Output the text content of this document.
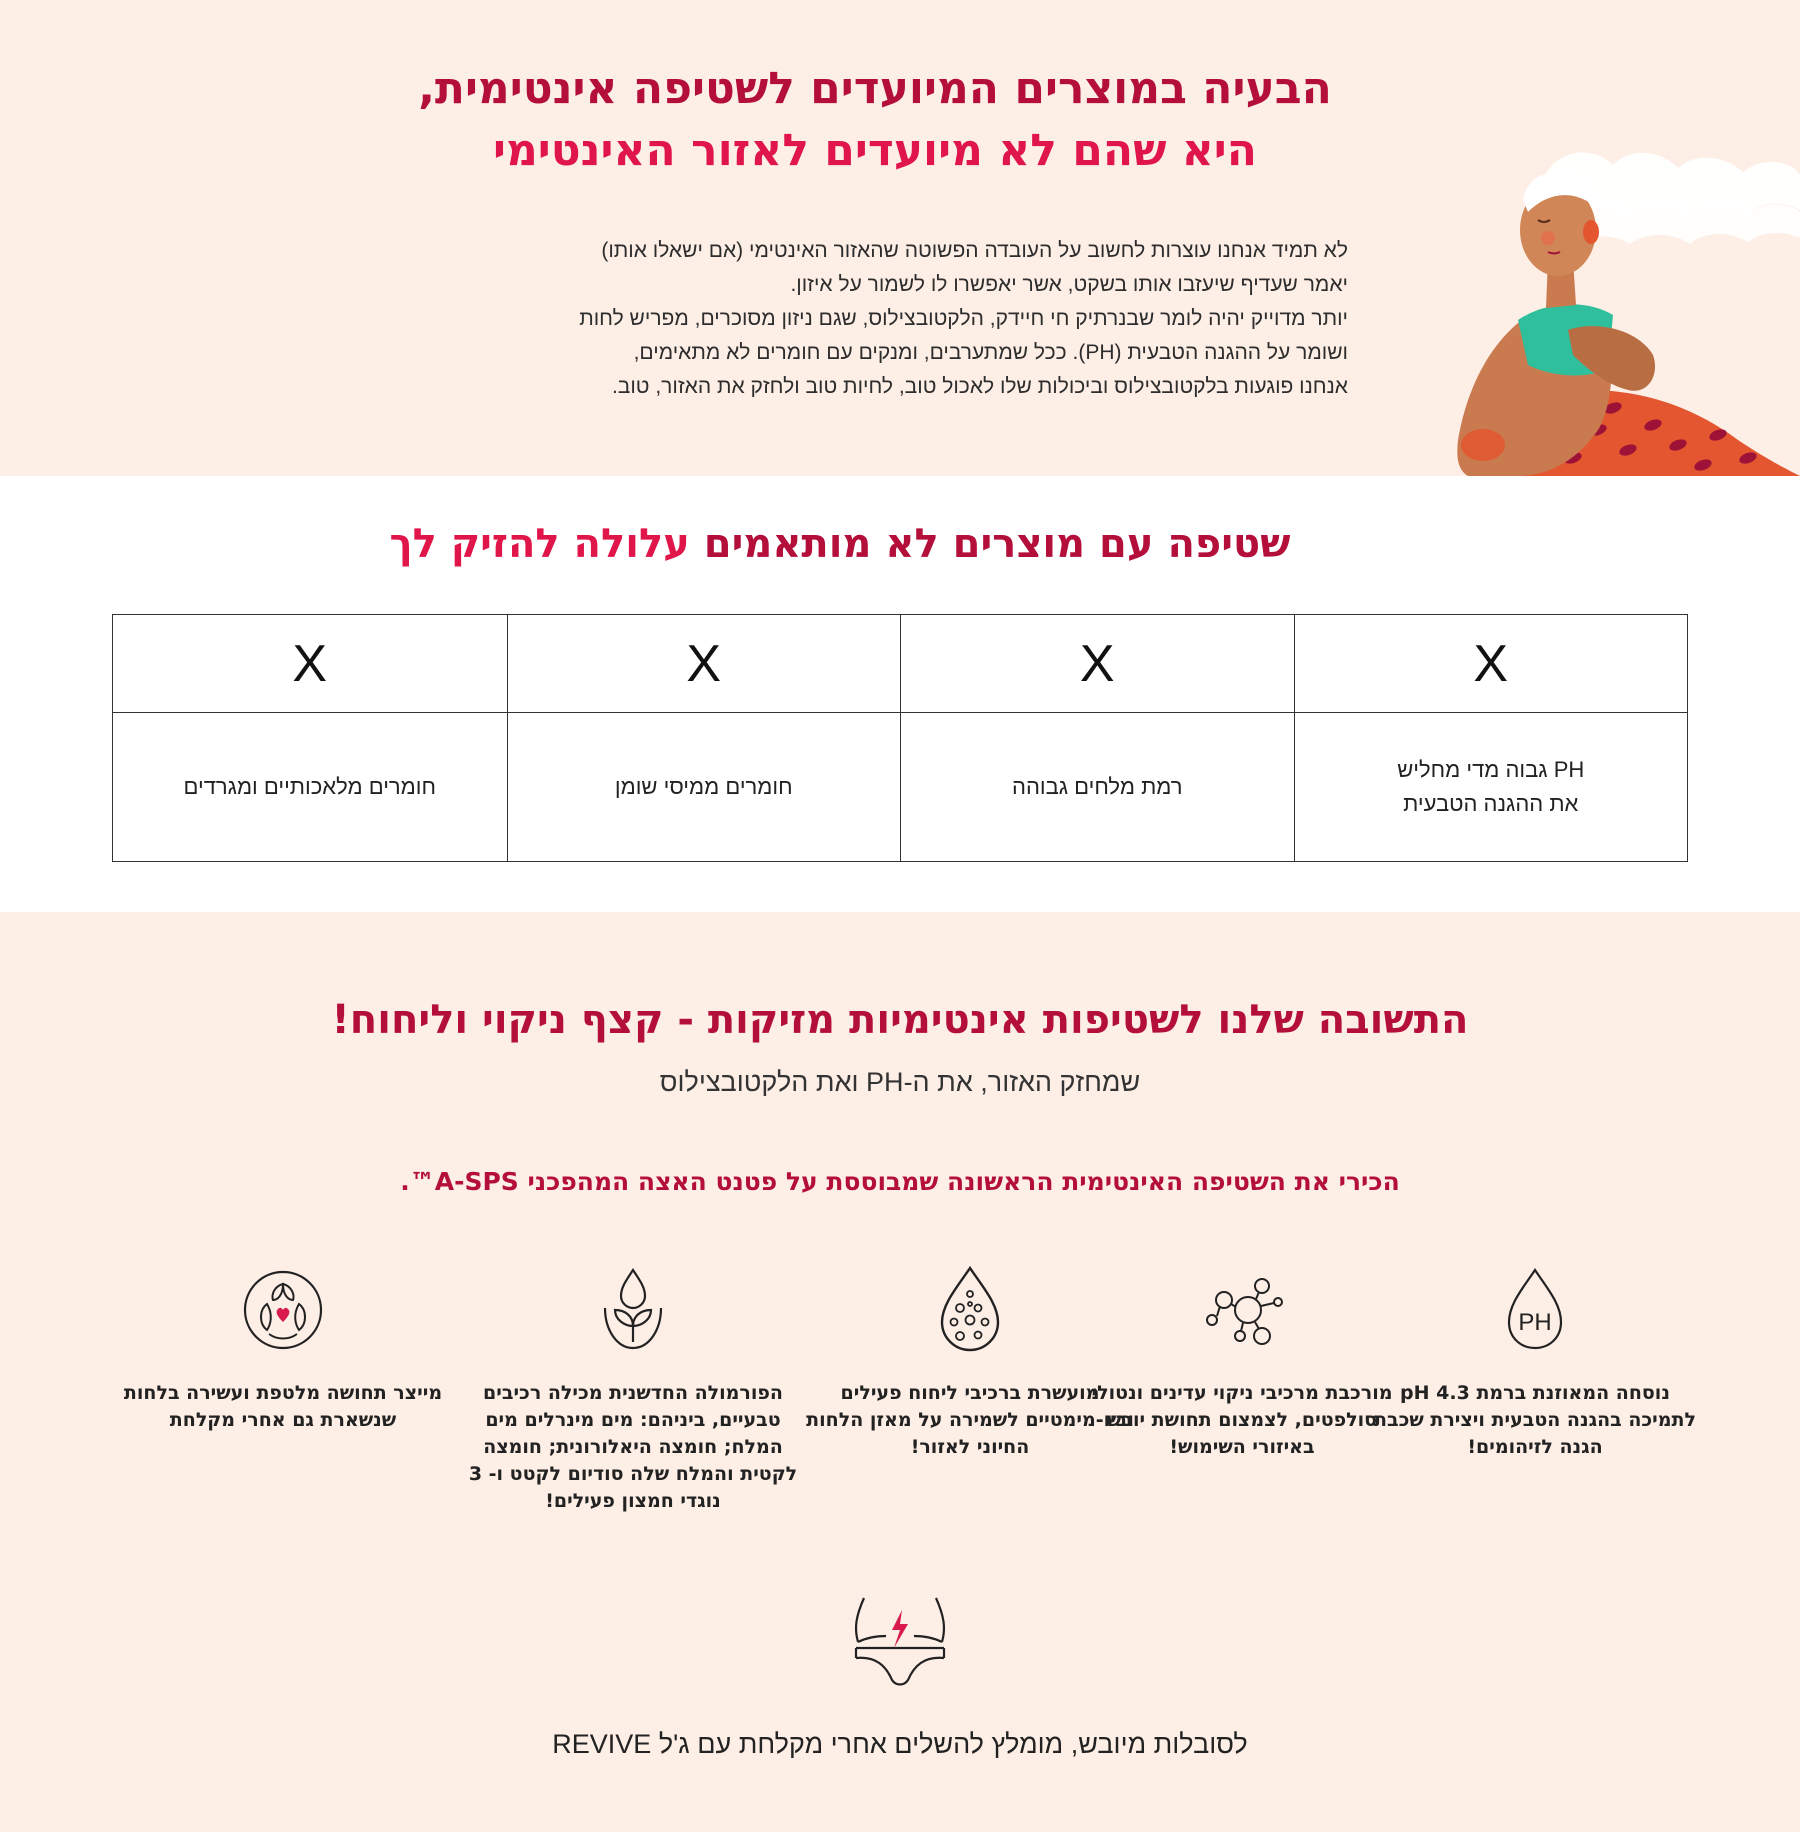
הבעיה במוצרים המיועדים לשטיפה אינטימית,
היא שהם לא מיועדים לאזור האינטימי

לא תמיד אנחנו עוצרות לחשוב על העובדה הפשוטה שהאזור האינטימי (אם ישאלו אותו)

יאמר שעדיף שיעזבו אותו בשקט, אשר יאפשרו לו לשמור על איזון.

יותר מדוייק יהיה לומר שבנרתיק חי חיידק, הלקטובצילוס, שגם ניזון מסוכרים, מפריש לחות

ושומר על ההגנה הטבעית (PH). ככל שמתערבים, ומנקים עם חומרים לא מתאימים,

אנחנו פוגעות בלקטובצילוס וביכולות שלו לאכול טוב, לחיות טוב ולחזק את האזור, טוב.

שטיפה עם מוצרים לא מותאמים עלולה להזיק לך
X
X
X
X
PH גבוה מדי מחליש
את ההגנה הטבעית
רמת מלחים גבוהה
חומרים ממיסי שומן
חומרים מלאכותיים ומגרדים
התשובה שלנו לשטיפות אינטימיות מזיקות - קצף ניקוי וליחוח!

שמחזק האזור, את ה-PH ואת הלקטובצילוס

הכירי את השטיפה האינטימית הראשונה שמבוססת על פטנט האצה המהפכני A-SPS™.

PH
נוסחה המאוזנת ברמת pH 4.3 לתמיכה בהגנה הטבעית ויצירת שכבת הגנה לזיהומים!
מורכבת מרכיבי ניקוי עדינים ונטולי סולפטים, לצמצום תחושת יובש באיזורי השימוש!
מועשרת ברכיבי ליחוח פעילים וביו-מימטיים לשמירה על מאזן הלחות החיוני לאזור!
הפורמולה החדשנית מכילה רכיבים טבעיים, ביניהם: מים מינרלים מים המלח; חומצה היאלורונית; חומצה לקטית והמלח שלה סודיום לקטט ו- 3 נוגדי חמצון פעילים!
מייצר תחושה מלטפת ועשירה בלחות שנשארת גם אחרי מקלחת

לסובלות מיובש, מומלץ להשלים אחרי מקלחת עם ג'ל REVIVE
